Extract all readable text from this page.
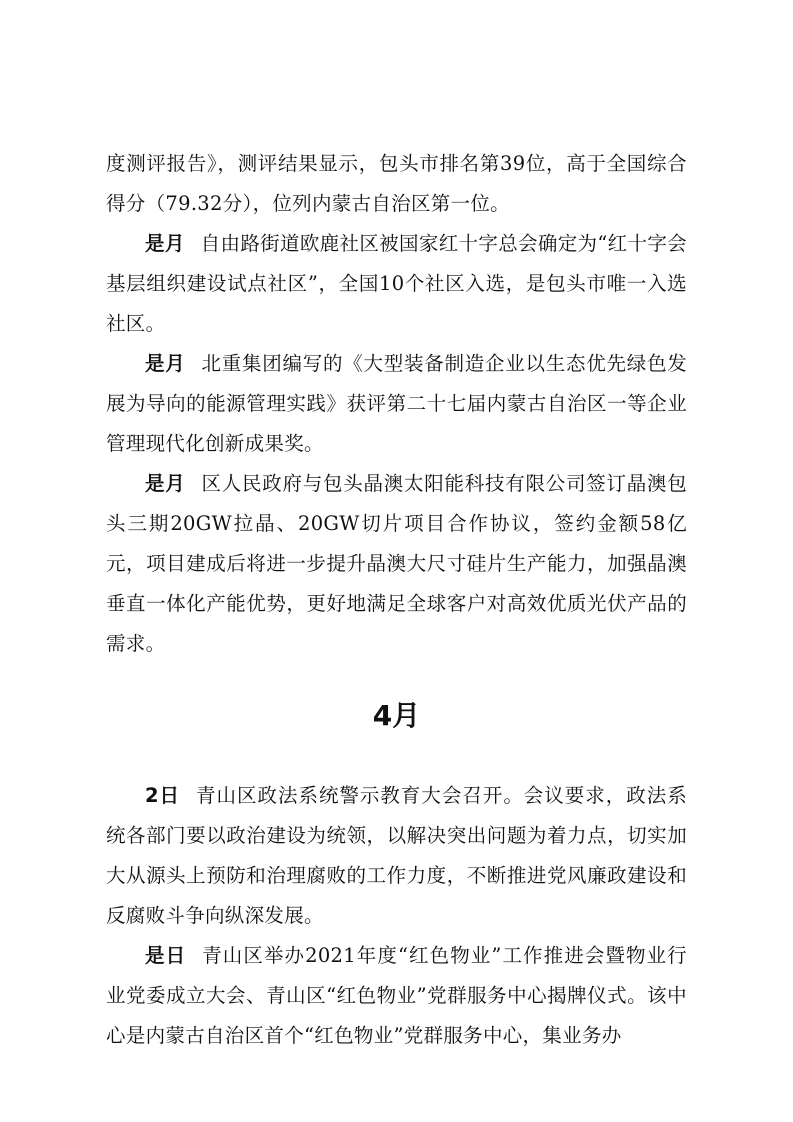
度测评报告》，测评结果显示，包头市排名第39位，高于全国综合得分（79.32分），位列内蒙古自治区第一位。

是月 自由路街道欧鹿社区被国家红十字总会确定为“红十字会基层组织建设试点社区”，全国10个社区入选，是包头市唯一入选社区。

是月 北重集团编写的《大型装备制造企业以生态优先绿色发展为导向的能源管理实践》获评第二十七届内蒙古自治区一等企业管理现代化创新成果奖。

是月 区人民政府与包头晶澳太阳能科技有限公司签订晶澳包头三期20GW拉晶、20GW切片项目合作协议，签约金额58亿元，项目建成后将进一步提升晶澳大尺寸硅片生产能力，加强晶澳垂直一体化产能优势，更好地满足全球客户对高效优质光伏产品的需求。

4月

2日 青山区政法系统警示教育大会召开。会议要求，政法系统各部门要以政治建设为统领，以解决突出问题为着力点，切实加大从源头上预防和治理腐败的工作力度，不断推进党风廉政建设和反腐败斗争向纵深发展。

是日 青山区举办2021年度“红色物业”工作推进会暨物业行业党委成立大会、青山区“红色物业”党群服务中心揭牌仪式。该中心是内蒙古自治区首个“红色物业”党群服务中心，集业务办
